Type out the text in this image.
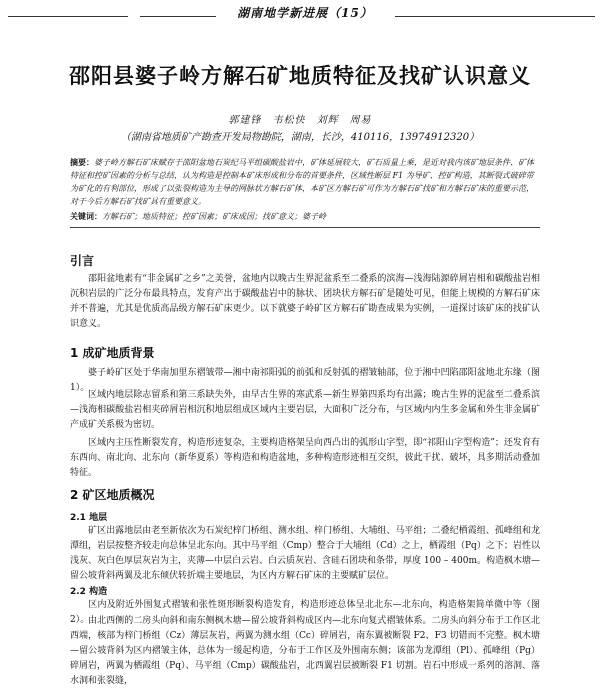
湖南地学新进展（15）
邵阳县婆子岭方解石矿地质特征及找矿认识意义
郭建锋　韦松快　刘辉　周易
（湖南省地质矿产勘查开发局物勘院，湖南，长沙，410116，13974912320）
摘要：婆子岭方解石矿床赋存于邵阳盆地石炭纪马平组碳酸盐岩中，矿体延展较大，矿石质量上乘，是近对我内该矿地层条件、矿体特征和控矿因素的分析与总结，认为构造是控制本矿床形成和分布的首要条件，区域性断层 F1 为导矿、控矿构造，其断裂式破碎带为矿化的有利部位，形成了以张裂构造为主导的网脉状方解石矿体，本矿区方解石矿可作为方解石矿找矿和方解石矿床的重要示范，对于今后方解石矿找矿具有重要意义。
关键词：方解石矿；地质特征；控矿因素；矿床成因；找矿意义；婆子岭
引言
邵阳盆地素有“非金属矿之乡”之美誉，盆地内以晚古生界泥盆系至二叠系的滨海—浅海陆源碎屑岩相和碳酸盐岩相沉积岩层的广泛分布最具特点，发育产出于碳酸盐岩中的脉状、团块状方解石矿是随处可见，但能上规模的方解石矿床并不普遍，尤其是优质高品级方解石矿床更少。以下就婆子岭矿区方解石矿勘查成果为实例，一道探讨该矿床的找矿认识意义。
1 成矿地质背景
婆子岭矿区处于华南加里东褶皱带—湘中南祁阳弧的前弧和反射弧的褶皱轴部，位于湘中凹陷邵阳盆地北东缘（图 1）。
区域内地层除志留系和第三系缺失外，由早古生界的寒武系—新生界第四系均有出露；晚古生界的泥盆至二叠系滨—浅海相碳酸盐岩相夹碎屑岩相沉积地层组成区域内主要岩层，大面积广泛分布，与区域内内生多金属和外生非金属矿产成矿关系极为密切。
区域内主压性断裂发育，构造形迹复杂，主要构造格架呈向西凸出的弧形山字型，即“祁阳山字型构造”；还发育有东西向、南北向、北东向（新华夏系）等构造和构造盆地，多种构造形迹相互交织，彼此干扰、破坏，具多期活动叠加特征。
2 矿区地质概况
2.1 地层
矿区出露地层由老至新依次为石炭纪梓门桥组、测水组、梓门桥组、大埔组、马平组；二叠纪栖霞组、孤峰组和龙潭组，岩层按整齐较走向总体呈北东向。其中马平组（Cmp）整合于大埔组（Cd）之上，栖霞组（Pq）之下；岩性以浅灰、灰白色厚层灰岩为主，夹薄—中层白云岩、白云质灰岩、含硅石团块和条带，厚度 100 – 400m。构造枫木塘—留公坡背斜两翼及北东倾伏转折端主要地层，为区内方解石矿床的主要赋矿层位。
2.2 构造
区内及附近外围复式褶皱和张性斑形断裂构造发育，构造形迹总体呈北北东—北东向，构造格架简单微中等（图 2）。
由北西侧的二房头向斜和南东侧枫木塘—留公坡背斜构成区内—北东向复式褶皱体系。二房头向斜分布于工作区北西端，核部为梓门桥组（Cz）薄层灰岩，两翼为测水组（Cc）碎屑岩，南东翼被断裂 F2、F3 切错而不完整。枫木塘—留公坡背斜为区内褶皱主体，总体为一缓起构造，分布于工作区及外围南东侧；该部为龙潭组（Pl）、孤峰组（Pg）碎屑岩，两翼为栖霞组（Pq）、马平组（Cmp）碳酸盐岩，北西翼岩层被断裂 F1 切割。岩石中形成一系列的溶洞、落水洞和张裂缝，
